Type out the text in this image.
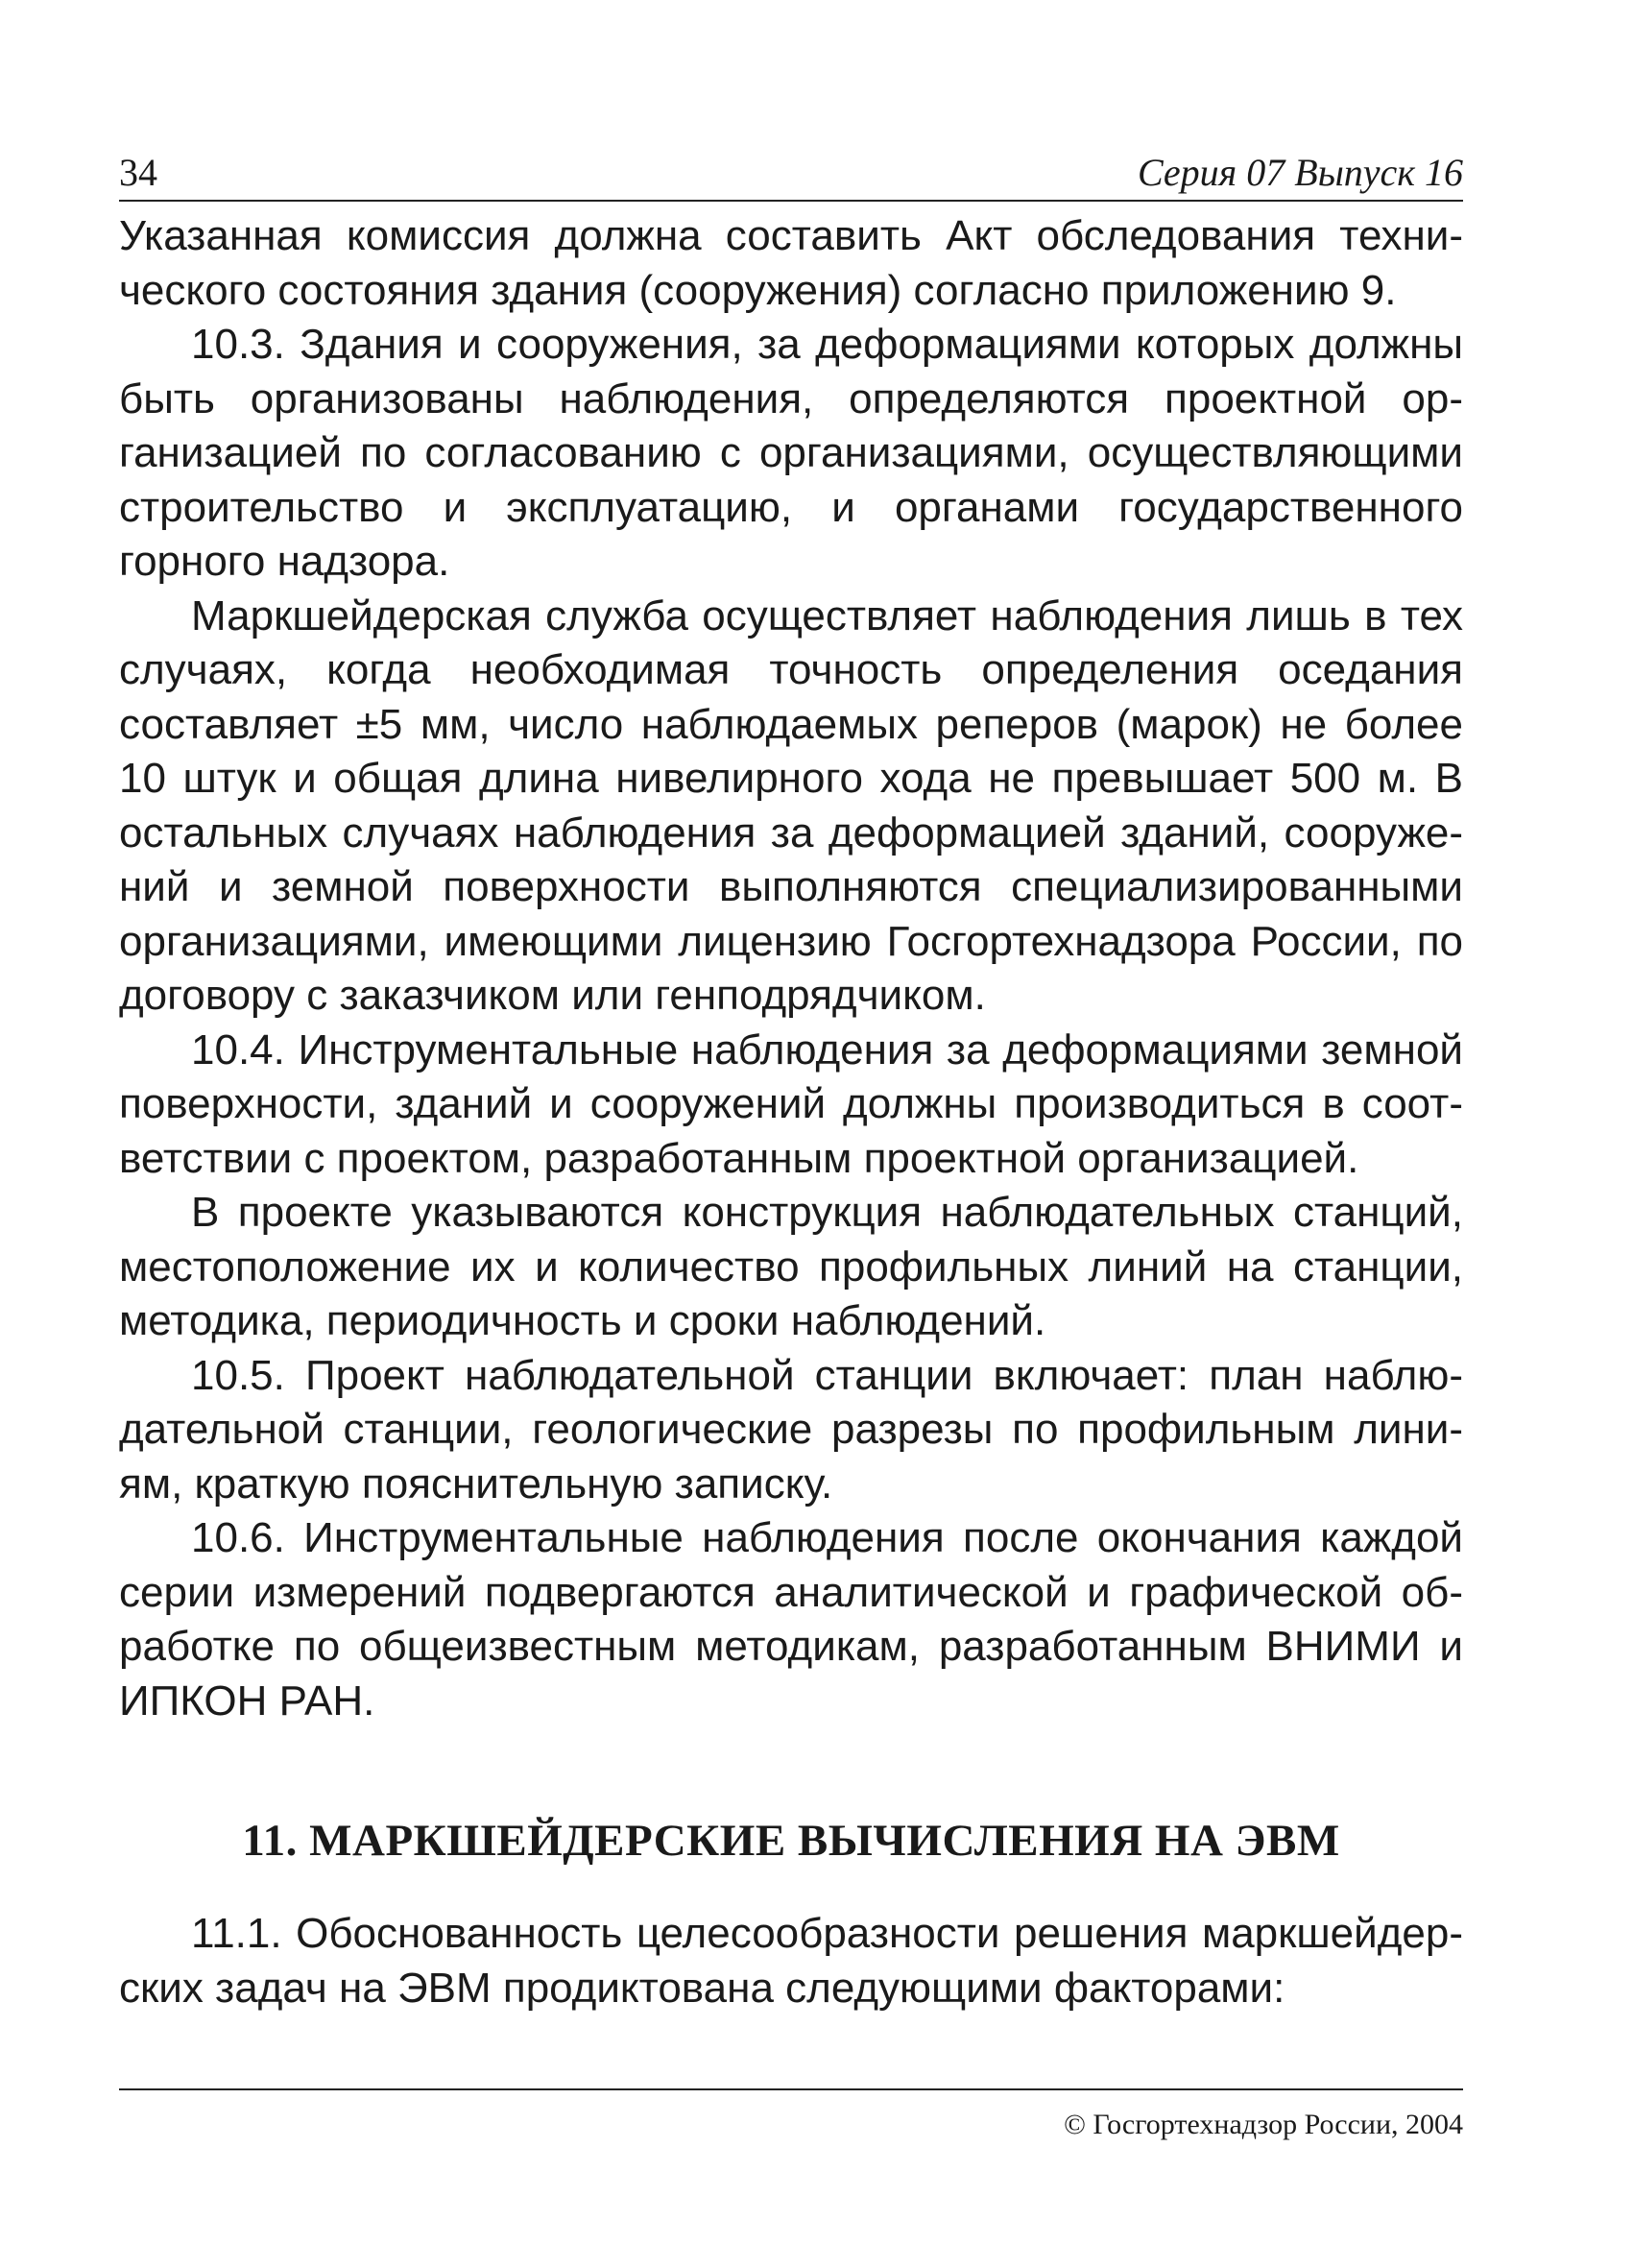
34	Серия 07 Выпуск 16

Указанная комиссия должна составить Акт обследования технического состояния здания (сооружения) согласно приложению 9.

10.3. Здания и сооружения, за деформациями которых должны быть организованы наблюдения, определяются проектной организацией по согласованию с организациями, осуществляющими строительство и эксплуатацию, и органами государственного горного надзора.

Маркшейдерская служба осуществляет наблюдения лишь в тех случаях, когда необходимая точность определения оседания составляет ±5 мм, число наблюдаемых реперов (марок) не более 10 штук и общая длина нивелирного хода не превышает 500 м. В остальных случаях наблюдения за деформацией зданий, сооружений и земной поверхности выполняются специализированными организациями, имеющими лицензию Госгортехнадзора России, по договору с заказчиком или генподрядчиком.

10.4. Инструментальные наблюдения за деформациями земной поверхности, зданий и сооружений должны производиться в соответствии с проектом, разработанным проектной организацией.

В проекте указываются конструкция наблюдательных станций, местоположение их и количество профильных линий на станции, методика, периодичность и сроки наблюдений.

10.5. Проект наблюдательной станции включает: план наблюдательной станции, геологические разрезы по профильным линиям, краткую пояснительную записку.

10.6. Инструментальные наблюдения после окончания каждой серии измерений подвергаются аналитической и графической обработке по общеизвестным методикам, разработанным ВНИМИ и ИПКОН РАН.

11. МАРКШЕЙДЕРСКИЕ ВЫЧИСЛЕНИЯ НА ЭВМ

11.1. Обоснованность целесообразности решения маркшейдерских задач на ЭВМ продиктована следующими факторами:

© Госгортехнадзор России, 2004
